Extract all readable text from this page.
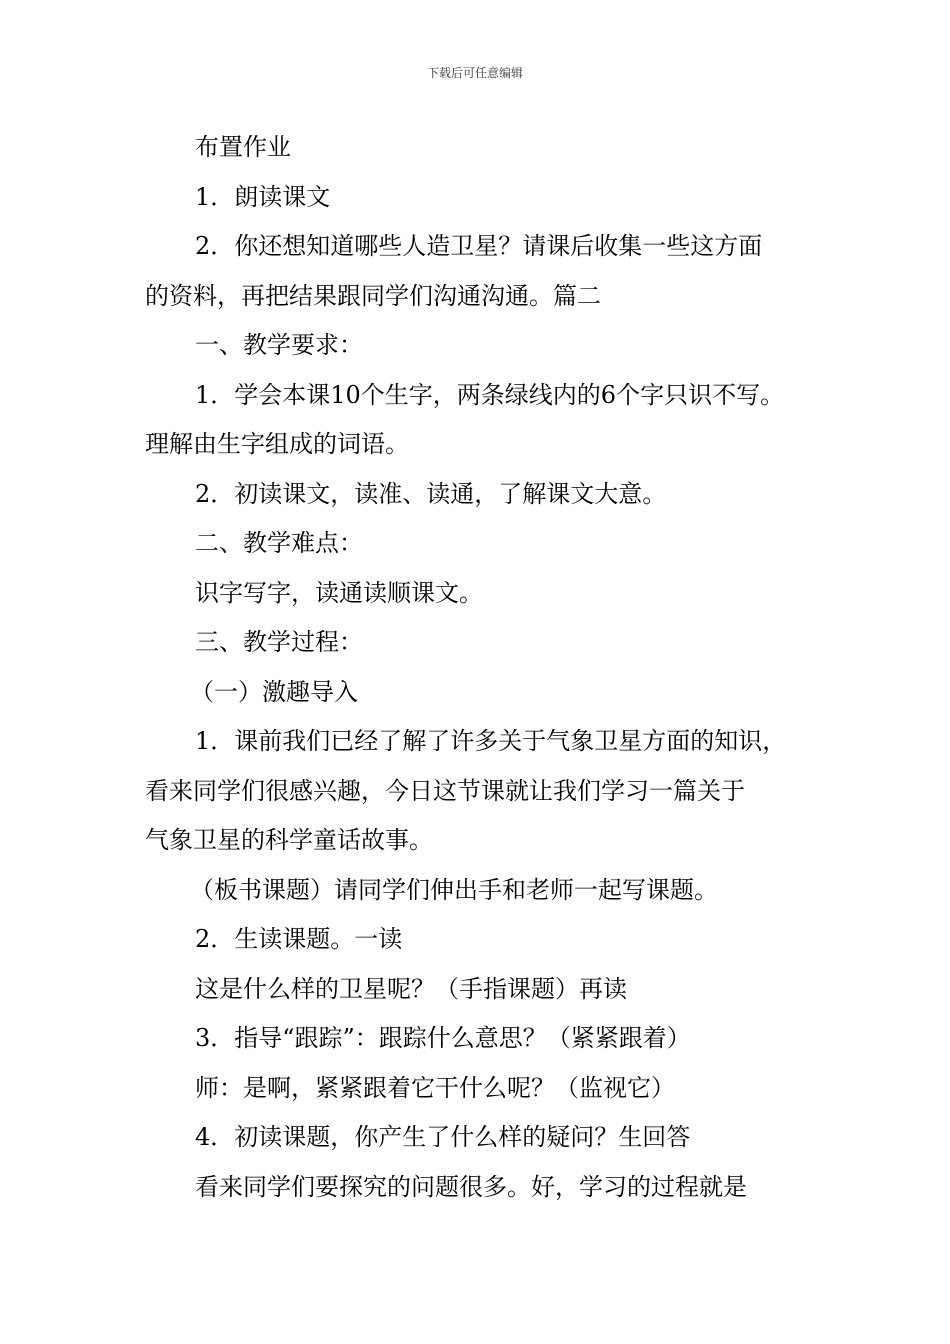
下载后可任意编辑

布置作业

1．朗读课文

2．你还想知道哪些人造卫星？请课后收集一些这方面

的资料，再把结果跟同学们沟通沟通。篇二

一、教学要求：

1．学会本课10个生字，两条绿线内的6个字只识不写。

理解由生字组成的词语。

2．初读课文，读准、读通，了解课文大意。

二、教学难点：

识字写字，读通读顺课文。

三、教学过程：

（一）激趣导入

1．课前我们已经了解了许多关于气象卫星方面的知识，

看来同学们很感兴趣，今日这节课就让我们学习一篇关于

气象卫星的科学童话故事。

（板书课题）请同学们伸出手和老师一起写课题。

2．生读课题。一读

这是什么样的卫星呢？（手指课题）再读

3．指导“跟踪”：跟踪什么意思？（紧紧跟着）

师：是啊，紧紧跟着它干什么呢？（监视它）

4．初读课题，你产生了什么样的疑问？生回答

看来同学们要探究的问题很多。好，学习的过程就是
